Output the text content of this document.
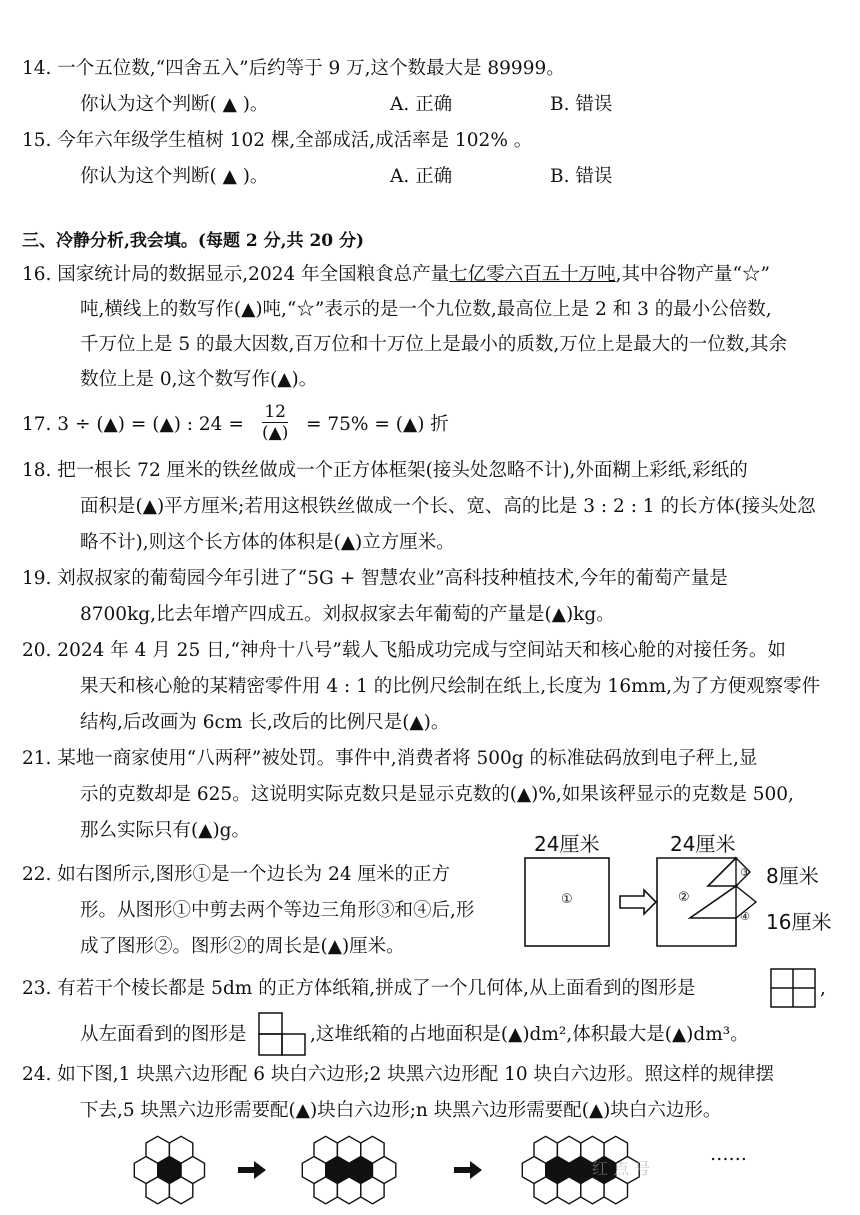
14. 一个五位数,“四舍五入”后约等于 9 万,这个数最大是 89999。
你认为这个判断( ▲ )。	A. 正确	B. 错误
15. 今年六年级学生植树 102 棵,全部成活,成活率是 102% 。
你认为这个判断( ▲ )。	A. 正确	B. 错误
三、冷静分析,我会填。(每题 2 分,共 20 分)
16. 国家统计局的数据显示,2024 年全国粮食总产量七亿零六百五十万吨,其中谷物产量“☆”
吨,横线上的数写作(▲)吨,“☆”表示的是一个九位数,最高位上是 2 和 3 的最小公倍数,
千万位上是 5 的最大因数,百万位和十万位上是最小的质数,万位上是最大的一位数,其余
数位上是 0,这个数写作(▲)。
17. 3 ÷ (▲) = (▲) : 24 =
12
(▲) = 75% = (▲) 折
18. 把一根长 72 厘米的铁丝做成一个正方体框架(接头处忽略不计),外面糊上彩纸,彩纸的
面积是(▲)平方厘米;若用这根铁丝做成一个长、宽、高的比是 3 : 2 : 1 的长方体(接头处忽
略不计),则这个长方体的体积是(▲)立方厘米。
19. 刘叔叔家的葡萄园今年引进了“5G + 智慧农业”高科技种植技术,今年的葡萄产量是
8700kg,比去年增产四成五。刘叔叔家去年葡萄的产量是(▲)kg。
20. 2024 年 4 月 25 日,“神舟十八号”载人飞船成功完成与空间站天和核心舱的对接任务。如
果天和核心舱的某精密零件用 4 : 1 的比例尺绘制在纸上,长度为 16mm,为了方便观察零件
结构,后改画为 6cm 长,改后的比例尺是(▲)。
21. 某地一商家使用“八两秤”被处罚。事件中,消费者将 500g 的标准砝码放到电子秤上,显
示的克数却是 625。这说明实际克数只是显示克数的(▲)%,如果该秤显示的克数是 500,
那么实际只有(▲)g。
22. 如右图所示,图形①是一个边长为 24 厘米的正方
形。从图形①中剪去两个等边三角形③和④后,形
成了图形②。图形②的周长是(▲)厘米。
24厘米	24厘米
8厘米
16厘米
①	②
③
④
23. 有若干个棱长都是 5dm 的正方体纸箱,拼成了一个几何体,从上面看到的图形是	,
从左面看到的图形是	,这堆纸箱的占地面积是(▲)dm²,体积最大是(▲)dm³。
24. 如下图,1 块黑六边形配 6 块白六边形;2 块黑六边形配 10 块白六边形。照这样的规律摆
下去,5 块黑六边形需要配(▲)块白六边形;n 块黑六边形需要配(▲)块白六边形。
……
红 点 号
